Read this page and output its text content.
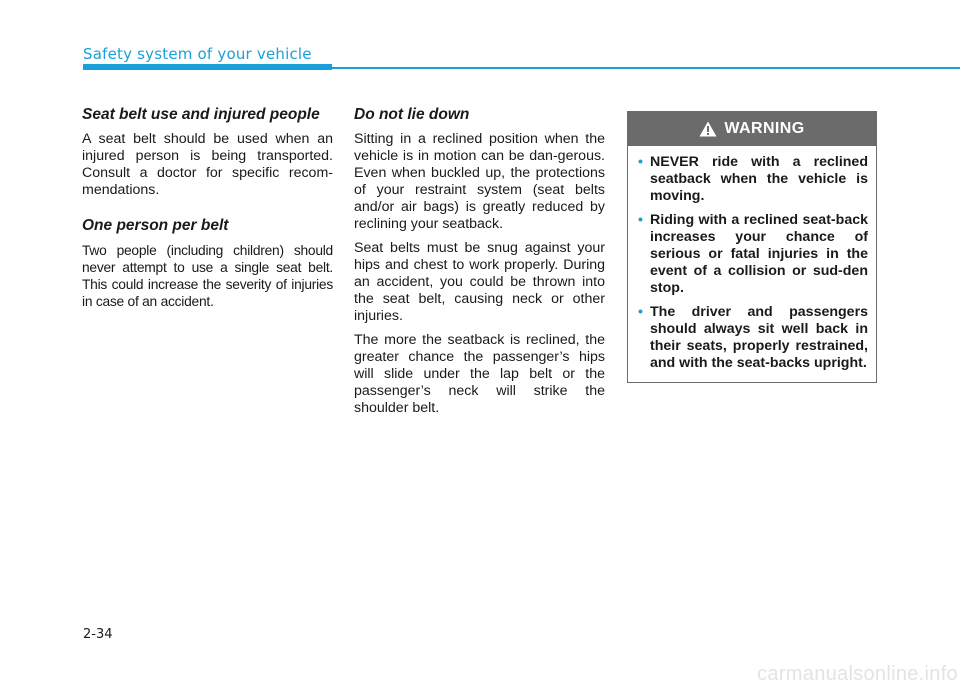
Safety system of your vehicle
Seat belt use and injured people

A seat belt should be used when an injured person is being transported. Consult a doctor for specific recom-mendations.

One person per belt

Two people (including children) should never attempt to use a single seat belt. This could increase the severity of injuries in case of an accident.

Do not lie down

Sitting in a reclined position when the vehicle is in motion can be dan-gerous. Even when buckled up, the protections of your restraint system (seat belts and/or air bags) is greatly reduced by reclining your seatback.

Seat belts must be snug against your hips and chest to work properly. During an accident, you could be thrown into the seat belt, causing neck or other injuries.

The more the seatback is reclined, the greater chance the passenger’s hips will slide under the lap belt or the passenger’s neck will strike the shoulder belt.

WARNING
• NEVER ride with a reclined seatback when the vehicle is moving.
• Riding with a reclined seat-back increases your chance of serious or fatal injuries in the event of a collision or sud-den stop.
• The driver and passengers should always sit well back in their seats, properly restrained, and with the seat-backs upright.
2-34
carmanualsonline.info
